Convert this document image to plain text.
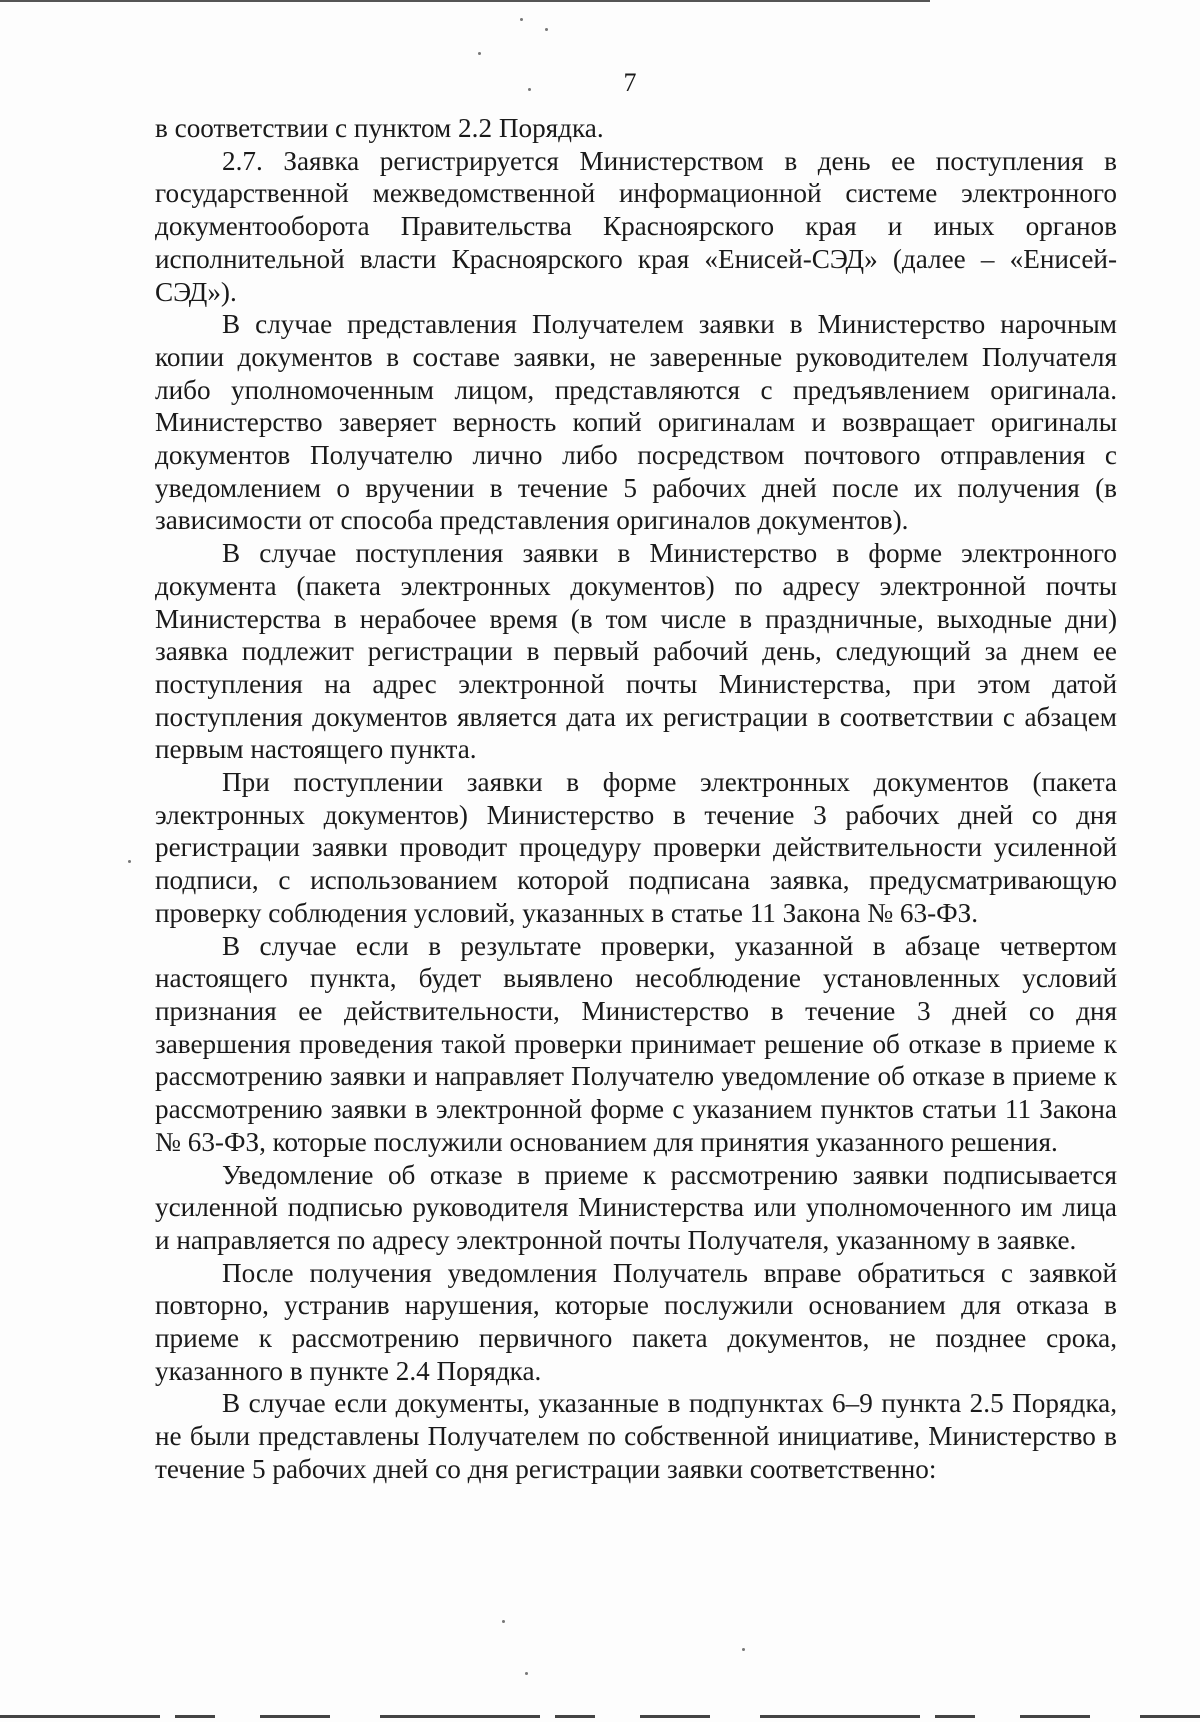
7

в соответствии с пунктом 2.2 Порядка.

2.7. Заявка регистрируется Министерством в день ее поступления в государственной межведомственной информационной системе электронного документооборота Правительства Красноярского края и иных органов исполнительной власти Красноярского края «Енисей-СЭД» (далее – «Енисей-СЭД»).

В случае представления Получателем заявки в Министерство нарочным копии документов в составе заявки, не заверенные руководителем Получателя либо уполномоченным лицом, представляются с предъявлением оригинала. Министерство заверяет верность копий оригиналам и возвращает оригиналы документов Получателю лично либо посредством почтового отправления с уведомлением о вручении в течение 5 рабочих дней после их получения (в зависимости от способа представления оригиналов документов).

В случае поступления заявки в Министерство в форме электронного документа (пакета электронных документов) по адресу электронной почты Министерства в нерабочее время (в том числе в праздничные, выходные дни) заявка подлежит регистрации в первый рабочий день, следующий за днем ее поступления на адрес электронной почты Министерства, при этом датой поступления документов является дата их регистрации в соответствии с абзацем первым настоящего пункта.

При поступлении заявки в форме электронных документов (пакета электронных документов) Министерство в течение 3 рабочих дней со дня регистрации заявки проводит процедуру проверки действительности усиленной подписи, с использованием которой подписана заявка, предусматривающую проверку соблюдения условий, указанных в статье 11 Закона № 63-ФЗ.

В случае если в результате проверки, указанной в абзаце четвертом настоящего пункта, будет выявлено несоблюдение установленных условий признания ее действительности, Министерство в течение 3 дней со дня завершения проведения такой проверки принимает решение об отказе в приеме к рассмотрению заявки и направляет Получателю уведомление об отказе в приеме к рассмотрению заявки в электронной форме с указанием пунктов статьи 11 Закона № 63-ФЗ, которые послужили основанием для принятия указанного решения.

Уведомление об отказе в приеме к рассмотрению заявки подписывается усиленной подписью руководителя Министерства или уполномоченного им лица и направляется по адресу электронной почты Получателя, указанному в заявке.

После получения уведомления Получатель вправе обратиться с заявкой повторно, устранив нарушения, которые послужили основанием для отказа в приеме к рассмотрению первичного пакета документов, не позднее срока, указанного в пункте 2.4 Порядка.

В случае если документы, указанные в подпунктах 6–9 пункта 2.5 Порядка, не были представлены Получателем по собственной инициативе, Министерство в течение 5 рабочих дней со дня регистрации заявки соответственно:
